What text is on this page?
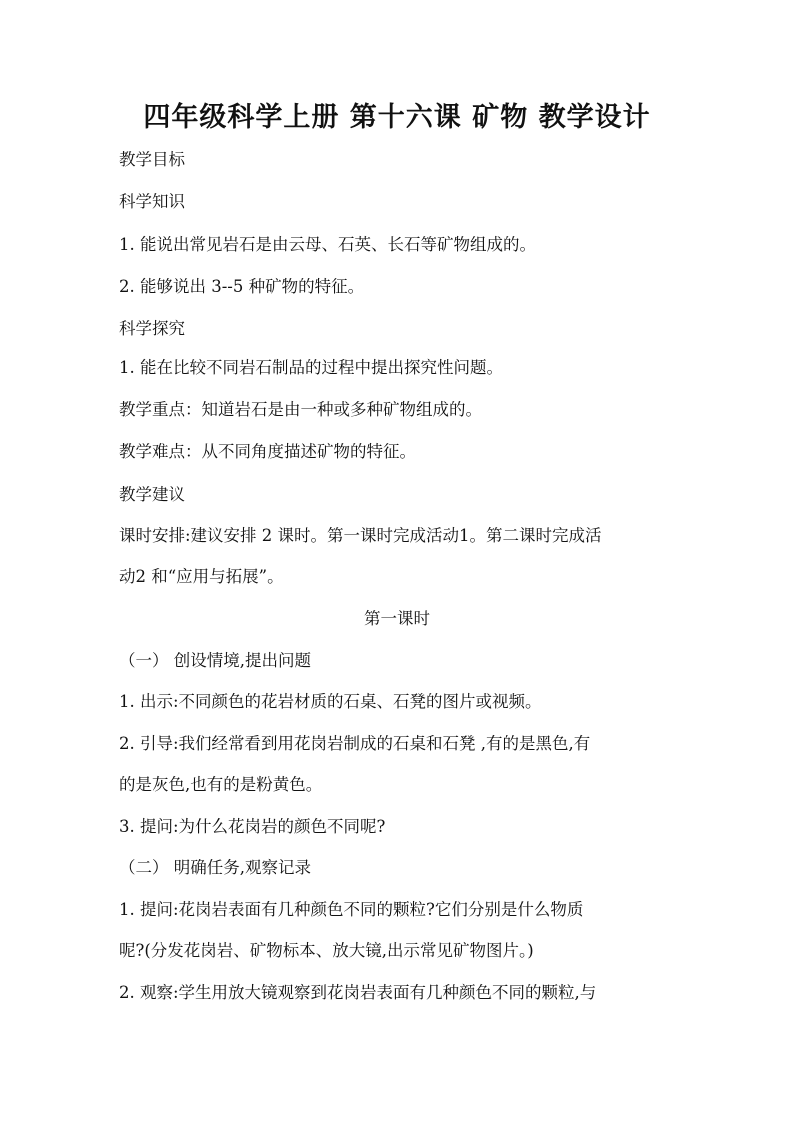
四年级科学上册 第十六课 矿物 教学设计
教学目标
科学知识
1. 能说出常见岩石是由云母、石英、长石等矿物组成的。
2. 能够说出 3--5 种矿物的特征。
科学探究
1. 能在比较不同岩石制品的过程中提出探究性问题。
教学重点：知道岩石是由一种或多种矿物组成的。
教学难点：从不同角度描述矿物的特征。
教学建议
课时安排:建议安排 2 课时。第一课时完成活动1。第二课时完成活
动2 和“应用与拓展”。
第一课时
（一） 创设情境,提出问题
1. 出示:不同颜色的花岩材质的石桌、石凳的图片或视频。
2. 引导:我们经常看到用花岗岩制成的石桌和石凳 ,有的是黑色,有
的是灰色,也有的是粉黄色。
3. 提问:为什么花岗岩的颜色不同呢?
（二） 明确任务,观察记录
1. 提问:花岗岩表面有几种颜色不同的颗粒?它们分别是什么物质
呢?(分发花岗岩、矿物标本、放大镜,出示常见矿物图片。)
2. 观察:学生用放大镜观察到花岗岩表面有几种颜色不同的颗粒,与
